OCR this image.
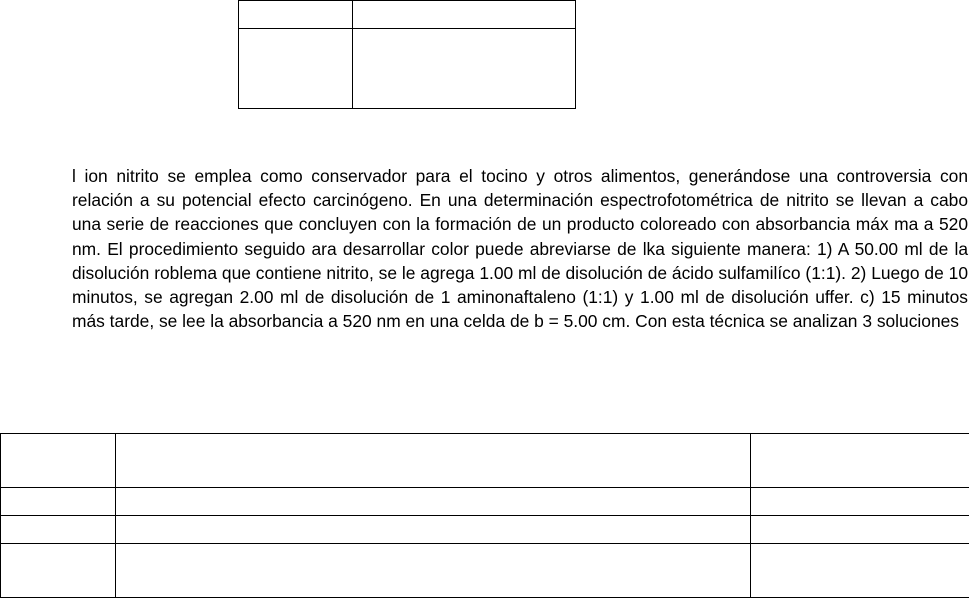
l ion nitrito se emplea como conservador para el tocino y otros alimentos, generándose una controversia con relación a su potencial efecto carcinógeno. En una determinación espectrofotométrica de nitrito se llevan a cabo una serie de reacciones que concluyen con la formación de un producto coloreado con absorbancia máx ma a 520 nm. El procedimiento seguido ara desarrollar color puede abreviarse de lka siguiente manera: 1) A 50.00 ml de la disolución roblema que contiene nitrito, se le agrega 1.00 ml de disolución de ácido sulfamilíco (1:1). 2) Luego de 10 minutos, se agregan 2.00 ml de disolución de 1 aminonaftaleno (1:1) y 1.00 ml de disolución uffer. c) 15 minutos más tarde, se lee la absorbancia a 520 nm en una celda de b = 5.00 cm. Con esta técnica se analizan 3 soluciones
